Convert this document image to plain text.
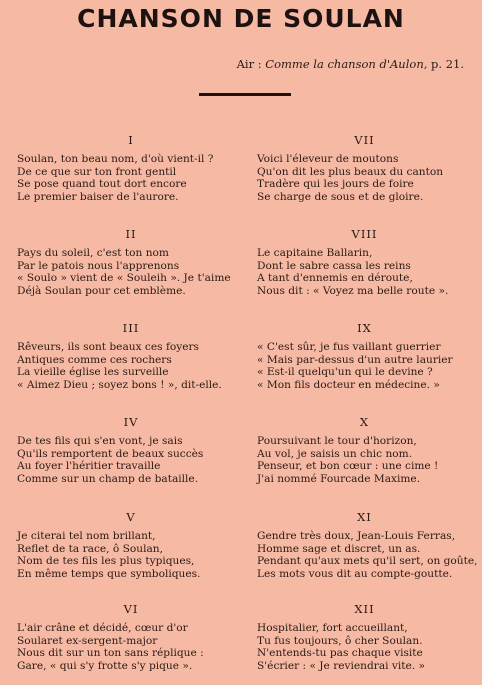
CHANSON DE SOULAN
Air : Comme la chanson d'Aulon, p. 21.
I
Soulan, ton beau nom, d'où vient-il ?
De ce que sur ton front gentil
Se pose quand tout dort encore
Le premier baiser de l'aurore.
II
Pays du soleil, c'est ton nom
Par le patois nous l'apprenons
« Soulo » vient de « Souleih ». Je t'aime
Déjà Soulan pour cet emblème.
III
Rêveurs, ils sont beaux ces foyers
Antiques comme ces rochers
La vieille église les surveille
« Aimez Dieu ; soyez bons ! », dit-elle.
IV
De tes fils qui s'en vont, je sais
Qu'ils remportent de beaux succès
Au foyer l'héritier travaille
Comme sur un champ de bataille.
V
Je citerai tel nom brillant,
Reflet de ta race, ô Soulan,
Nom de tes fils les plus typiques,
En même temps que symboliques.
VI
L'air crâne et décidé, cœur d'or
Soularet ex-sergent-major
Nous dit sur un ton sans réplique :
Gare, « qui s'y frotte s'y pique ».
VII
Voici l'éleveur de moutons
Qu'on dit les plus beaux du canton
Tradère qui les jours de foire
Se charge de sous et de gloire.
VIII
Le capitaine Ballarin,
Dont le sabre cassa les reins
A tant d'ennemis en déroute,
Nous dit : « Voyez ma belle route ».
IX
« C'est sûr, je fus vaillant guerrier
« Mais par-dessus d'un autre laurier
« Est-il quelqu'un qui le devine ?
« Mon fils docteur en médecine. »
X
Poursuivant le tour d'horizon,
Au vol, je saisis un chic nom.
Penseur, et bon cœur : une cime !
J'ai nommé Fourcade Maxime.
XI
Gendre très doux, Jean-Louis Ferras,
Homme sage et discret, un as.
Pendant qu'aux mets qu'il sert, on goûte,
Les mots vous dit au compte-goutte.
XII
Hospitalier, fort accueillant,
Tu fus toujours, ô cher Soulan.
N'entends-tu pas chaque visite
S'écrier : « Je reviendrai vite. »
